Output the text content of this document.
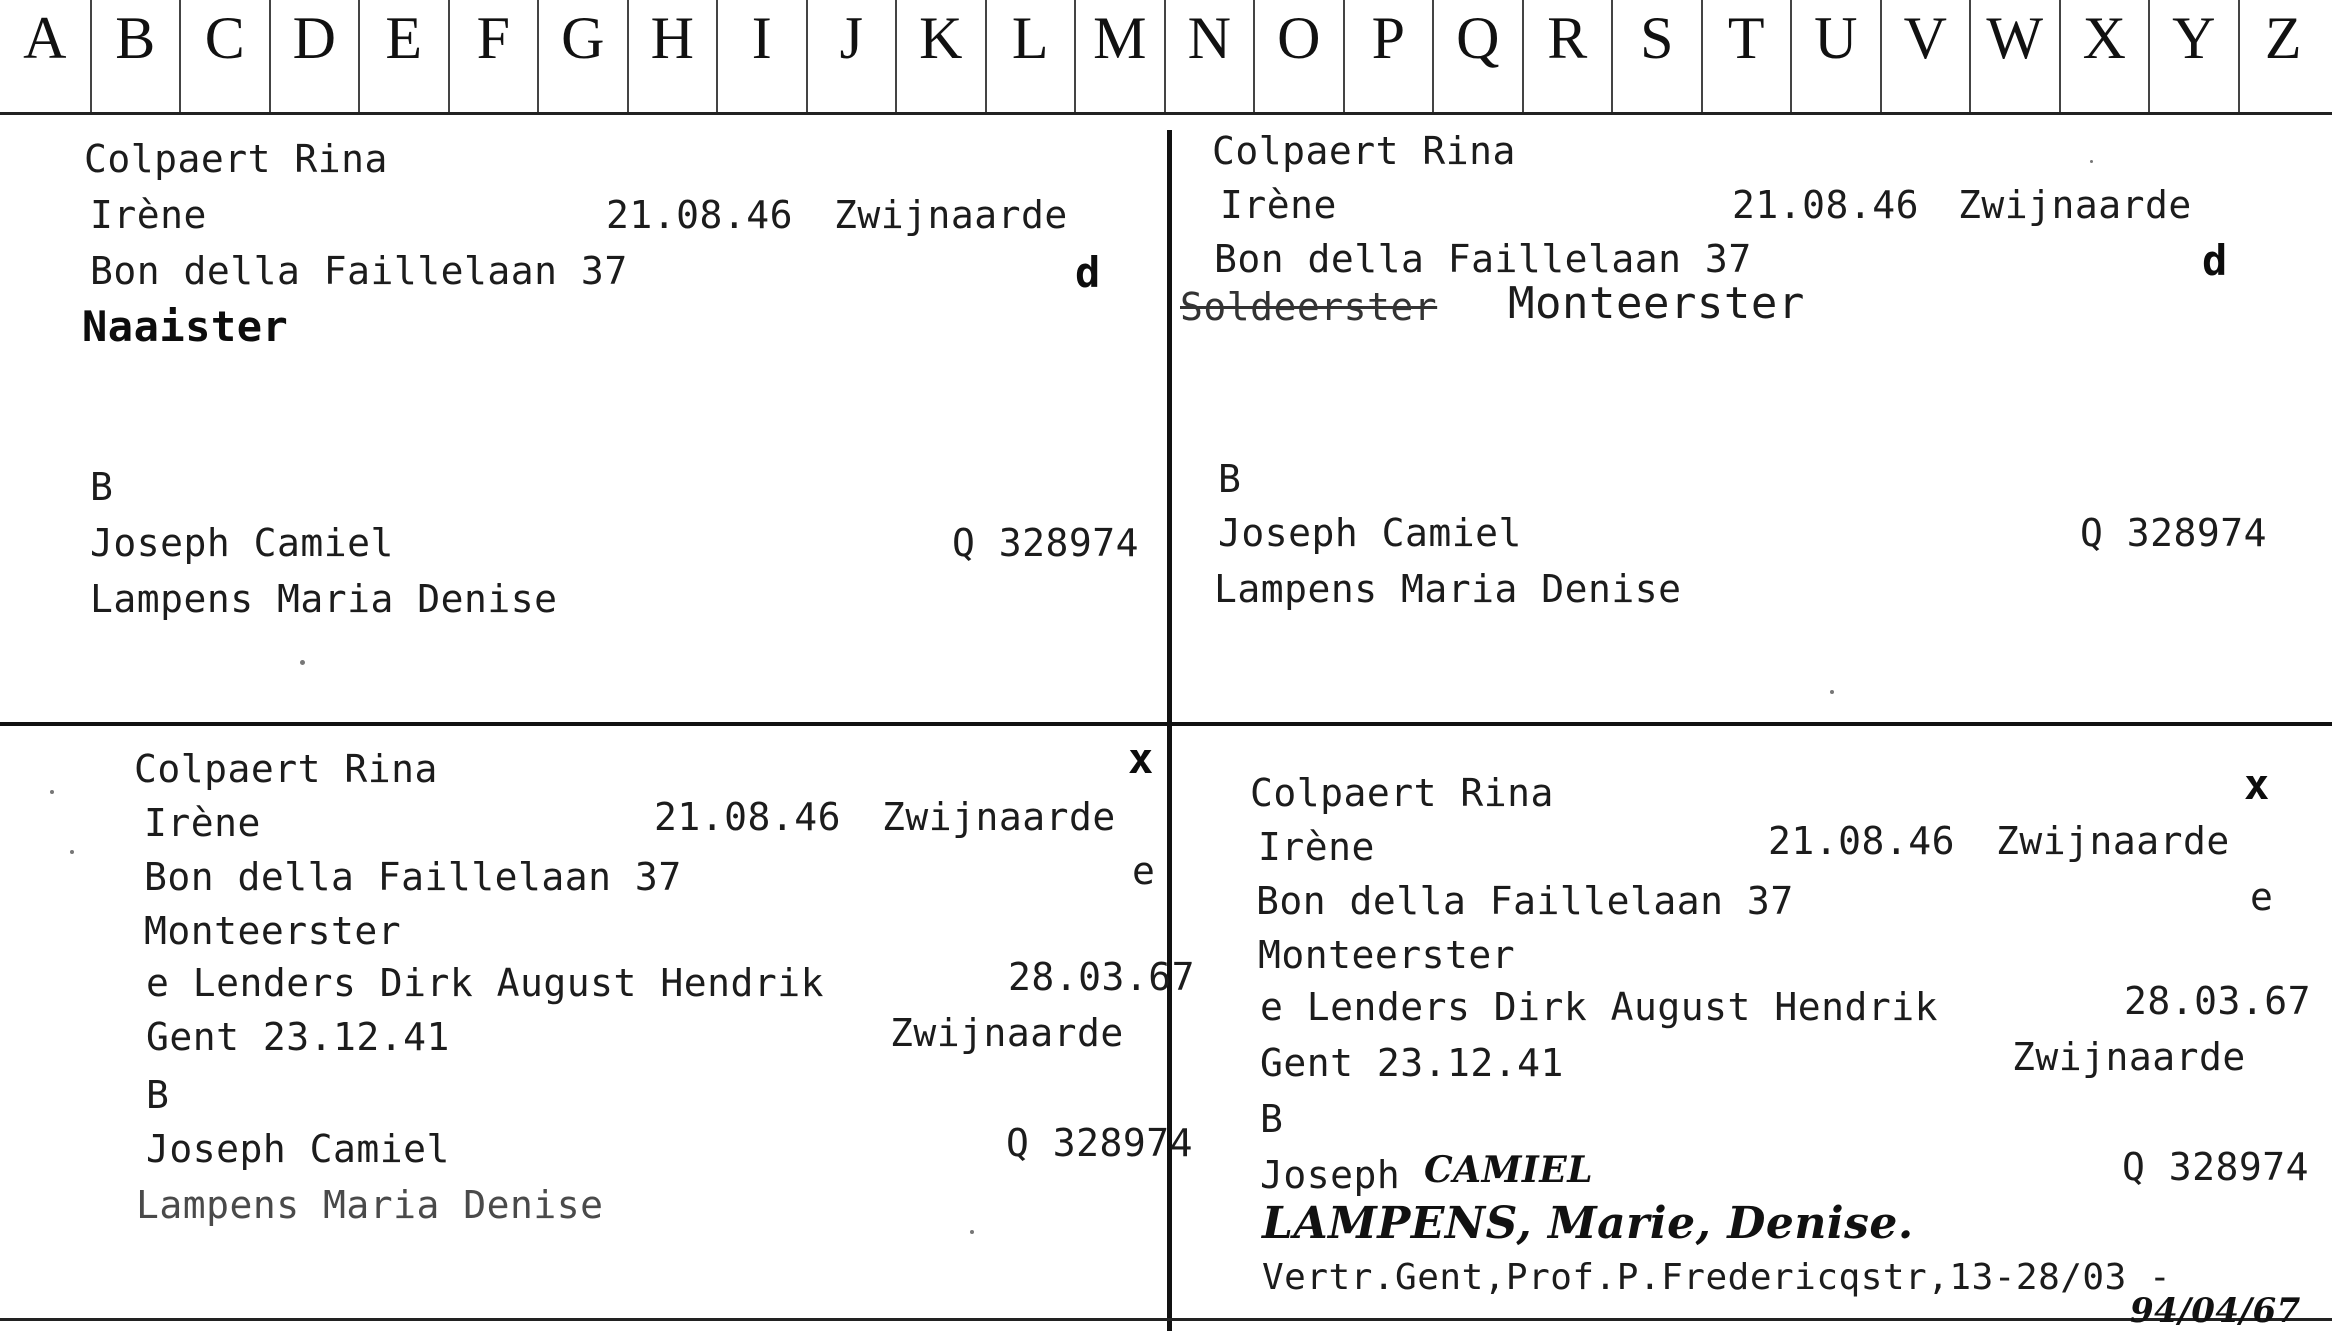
A B C D E F G H I	J K L M N O P Q R S T U V W X Y Z
Colpaert Rina
Irène	21.08.46 Zwijnaarde
Bon della Faillelaan 37	d
Naaister
B
Joseph Camiel	Q 328974
Lampens Maria Denise
Colpaert Rina
Irène	21.08.46 Zwijnaarde
Bon della Faillelaan 37	d
Soldeerster Monteerster
B
Joseph Camiel	Q 328974
Lampens Maria Denise
Colpaert Rina	x
Irène	21.08.46 Zwijnaarde
Bon della Faillelaan 37	e
Monteerster
e Lenders Dirk August Hendrik	28.03.67
Gent 23.12.41	Zwijnaarde
B
Joseph Camiel	Q 328974
Lampens Maria Denise
Colpaert Rina	x
Irène	21.08.46 Zwijnaarde
Bon della Faillelaan 37	e
Monteerster
e Lenders Dirk August Hendrik	28.03.67
Gent 23.12.41	Zwijnaarde
B
Joseph CAMIEL	Q 328974
LAMPENS, Marie, Denise.
Vertr.Gent,Prof.P.Fredericqstr,13-28/03 -
94/04/67
